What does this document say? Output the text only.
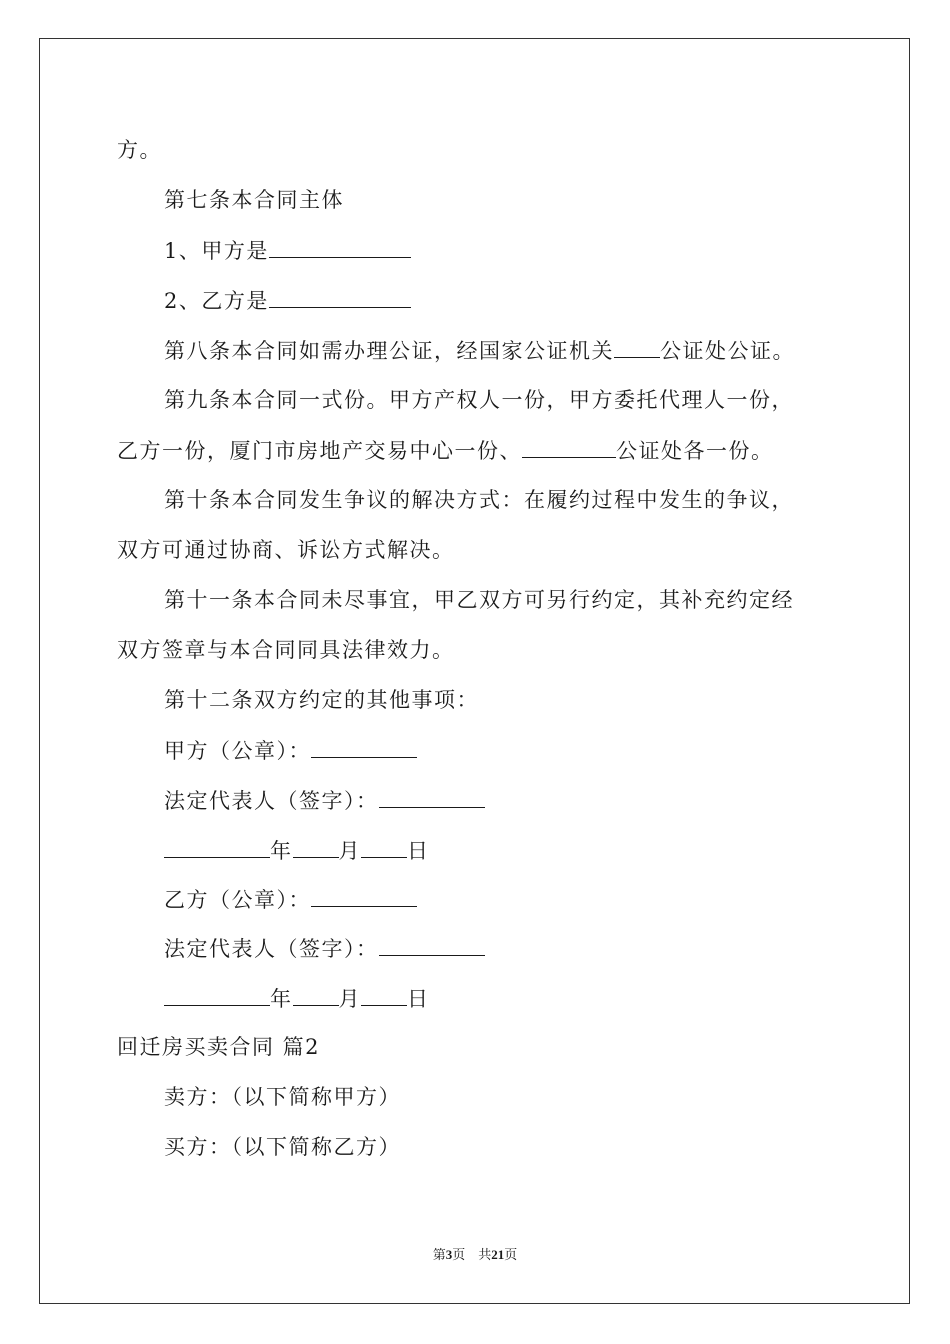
方。
第七条本合同主体
1、甲方是
2、乙方是
第八条本合同如需办理公证，经国家公证机关 公证处公证。
第九条本合同一式份。甲方产权人一份，甲方委托代理人一份，
乙方一份，厦门市房地产交易中心一份、	公证处各一份。
第十条本合同发生争议的解决方式：在履约过程中发生的争议，
双方可通过协商、诉讼方式解决。
第十一条本合同未尽事宜，甲乙双方可另行约定，其补充约定经
双方签章与本合同同具法律效力。
第十二条双方约定的其他事项：
甲方（公章）：
法定代表人（签字）：
年 月 日
乙方（公章）：
法定代表人（签字）：
年 月 日
回迁房买卖合同 篇2
卖方：（以下简称甲方）
买方：（以下简称乙方）
第3页　共21页
